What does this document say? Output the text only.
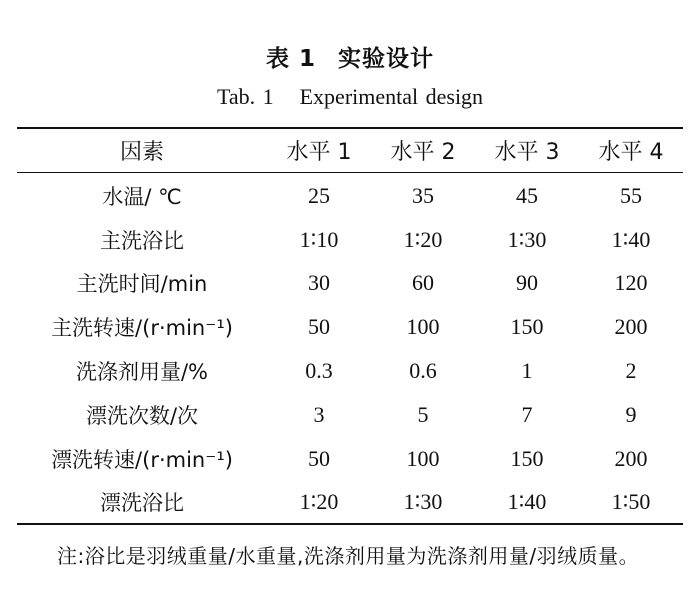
表 1 实验设计
Tab. 1 Experimental design
因素	水平 1	水平 2	水平 3	水平 4
水温/ ℃	25	35	45	55
主洗浴比	1∶10	1∶20	1∶30	1∶40
主洗时间/min	30	60	90	120
主洗转速/(r·min⁻¹)	50	100	150	200
洗涤剂用量/%	0.3	0.6	1	2
漂洗次数/次	3	5	7	9
漂洗转速/(r·min⁻¹)	50	100	150	200
漂洗浴比	1∶20	1∶30	1∶40	1∶50
注:浴比是羽绒重量/水重量,洗涤剂用量为洗涤剂用量/羽绒质量。
